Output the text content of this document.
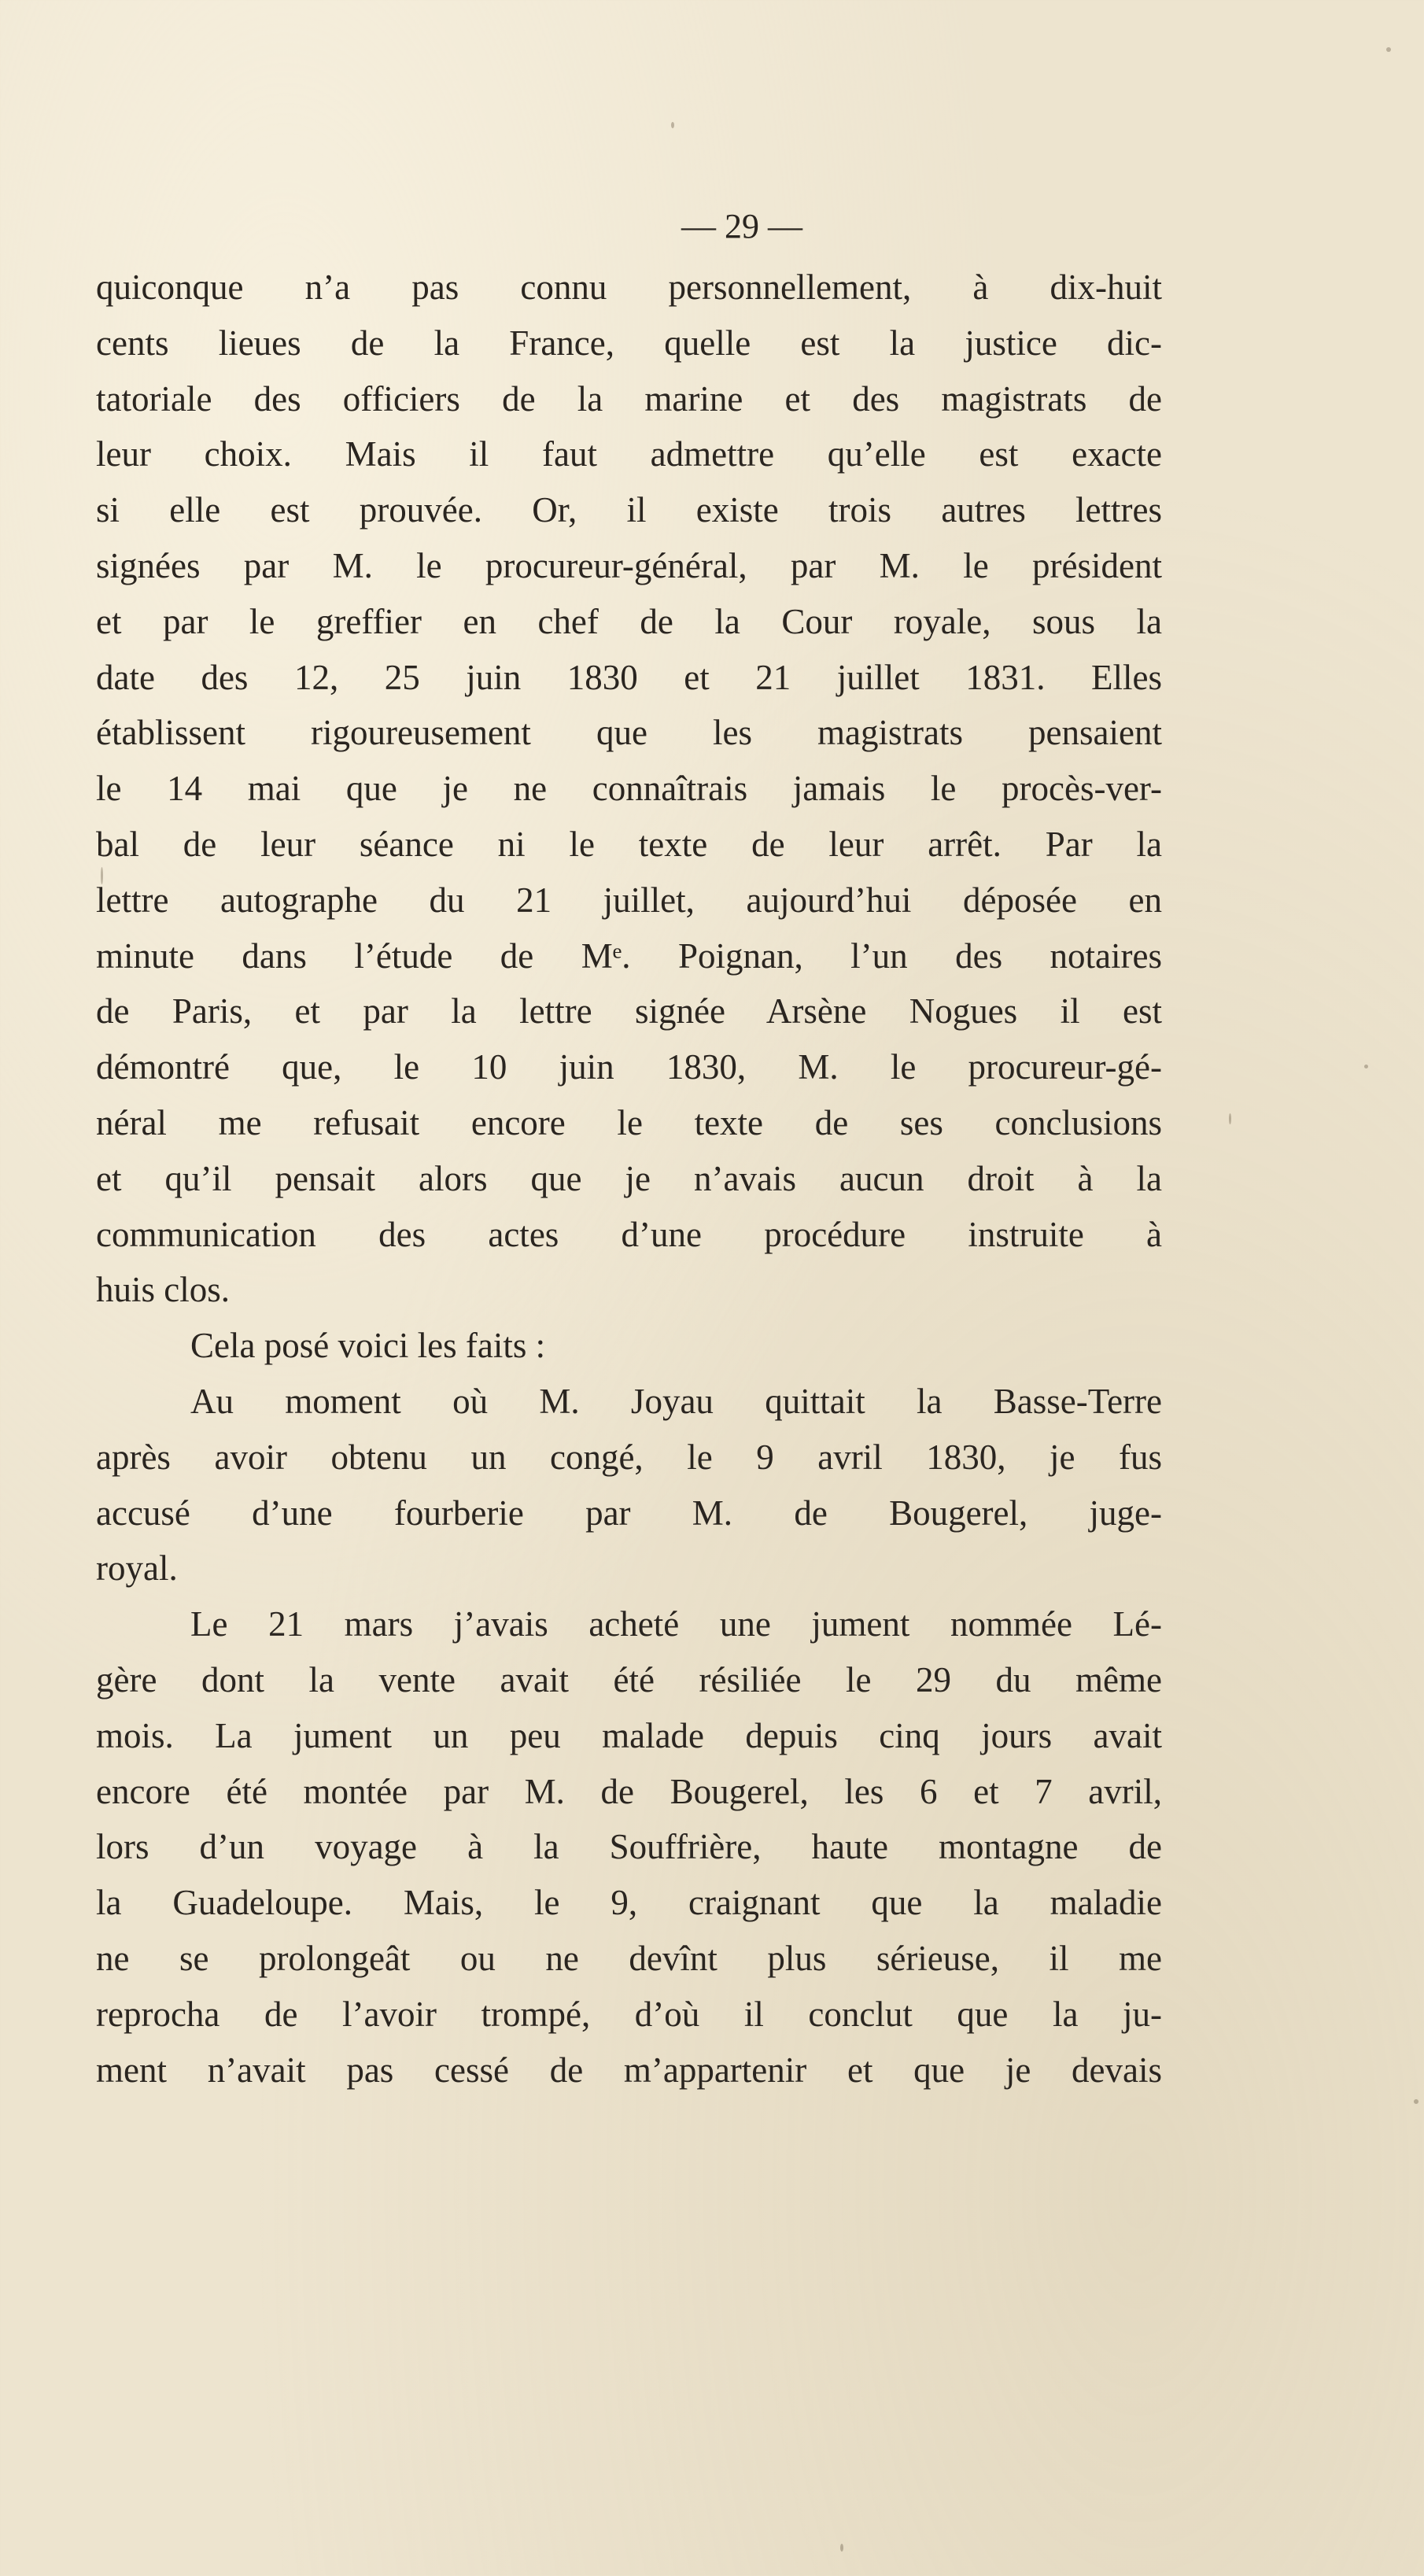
— 29 —
quiconque n’a pas connu personnellement, à dix-huit
cents lieues de la France, quelle est la justice dic-
tatoriale des officiers de la marine et des magistrats de
leur choix. Mais il faut admettre qu’elle est exacte
si elle est prouvée. Or, il existe trois autres lettres
signées par M. le procureur-général, par M. le président
et par le greffier en chef de la Cour royale, sous la
date des 12, 25 juin 1830 et 21 juillet 1831. Elles
établissent rigoureusement que les magistrats pensaient
le 14 mai que je ne connaîtrais jamais le procès-ver-
bal de leur séance ni le texte de leur arrêt. Par la
lettre autographe du 21 juillet, aujourd’hui déposée en
minute dans l’étude de Mᵉ. Poignan, l’un des notaires
de Paris, et par la lettre signée Arsène Nogues il est
démontré que, le 10 juin 1830, M. le procureur-gé-
néral me refusait encore le texte de ses conclusions
et qu’il pensait alors que je n’avais aucun droit à la
communication des actes d’une procédure instruite à
huis clos.
Cela posé voici les faits :
Au moment où M. Joyau quittait la Basse-Terre
après avoir obtenu un congé, le 9 avril 1830, je fus
accusé d’une fourberie par M. de Bougerel, juge-
royal.
Le 21 mars j’avais acheté une jument nommée Lé-
gère dont la vente avait été résiliée le 29 du même
mois. La jument un peu malade depuis cinq jours avait
encore été montée par M. de Bougerel, les 6 et 7 avril,
lors d’un voyage à la Souffrière, haute montagne de
la Guadeloupe. Mais, le 9, craignant que la maladie
ne se prolongeât ou ne devînt plus sérieuse, il me
reprocha de l’avoir trompé, d’où il conclut que la ju-
ment n’avait pas cessé de m’appartenir et que je devais
